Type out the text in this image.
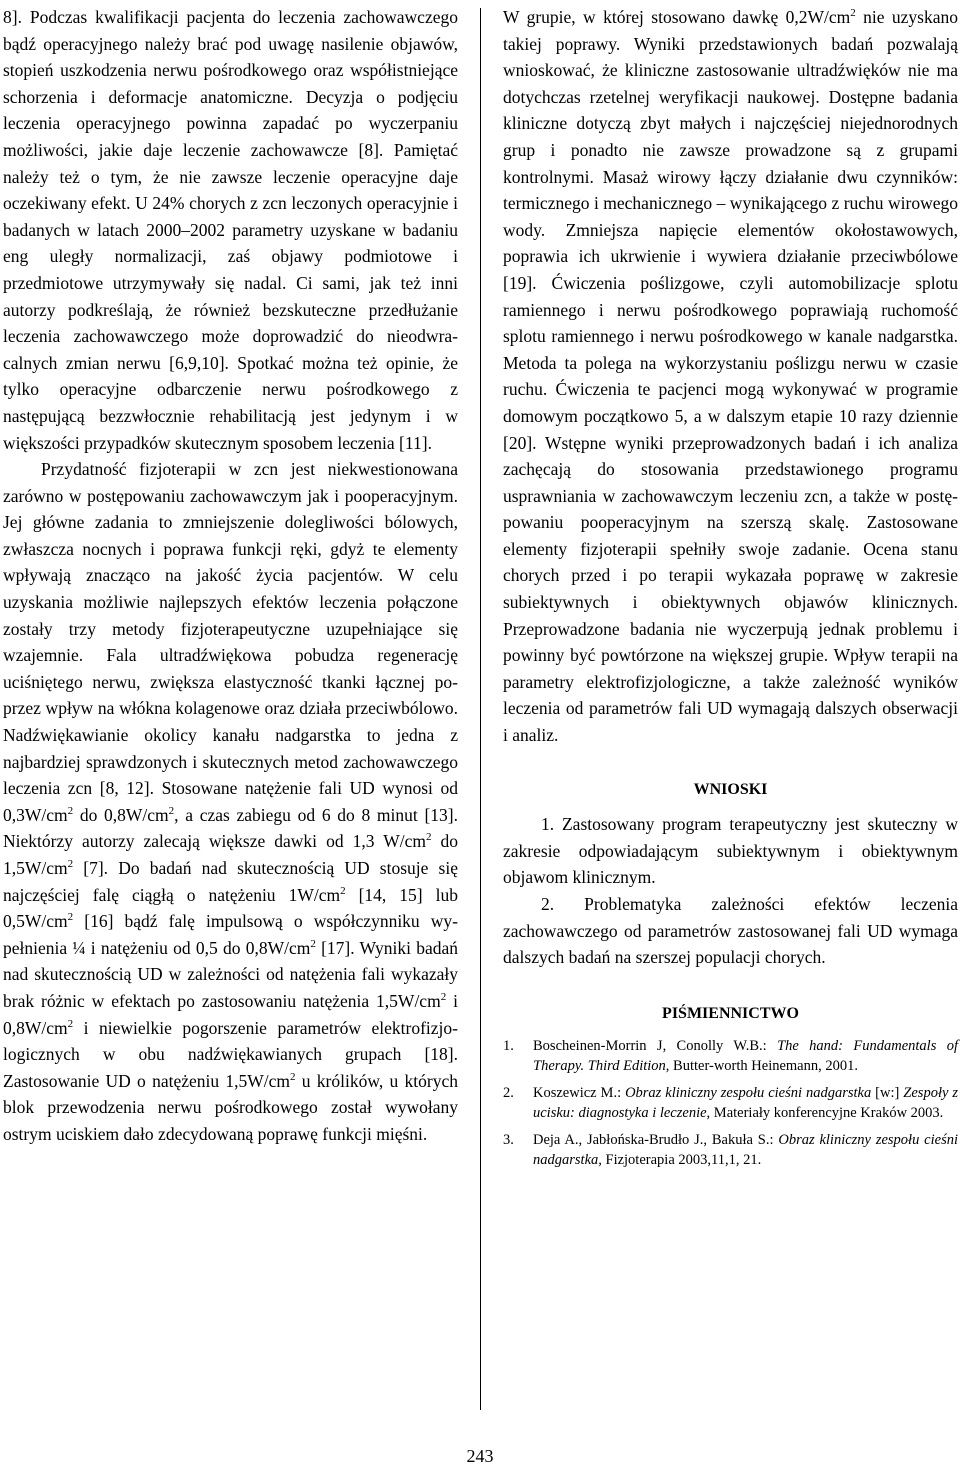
8]. Podczas kwalifikacji pacjenta do leczenia zachowawczego bądź operacyjnego należy brać pod uwagę nasilenie objawów, stopień uszkodzenia nerwu pośrodkowego oraz współistniejące schorzenia i deformacje anatomiczne. Decyzja o podjęciu leczenia operacyjnego powinna zapadać po wyczerpaniu możliwości, jakie daje leczenie zachowawcze [8]. Pamiętać należy też o tym, że nie zawsze leczenie operacyjne daje oczekiwany efekt. U 24% chorych z zcn leczonych operacyjnie i badanych w latach 2000–2002 parametry uzyskane w badaniu eng uległy normalizacji, zaś objawy podmiotowe i przedmiotowe utrzymywały się nadal. Ci sami, jak też inni autorzy podkreślają, że również bezskuteczne przedłużanie leczenia zachowawczego może doprowadzić do nieodwracalnych zmian nerwu [6,9,10]. Spotkać można też opinie, że tylko operacyjne odbarczenie nerwu pośrodkowego z następującą bezzwłocznie rehabilitacją jest jedynym i w większości przypadków skutecznym sposobem leczenia [11].

Przydatność fizjoterapii w zcn jest niekwestionowana zarówno w postępowaniu zachowawczym jak i pooperacyjnym. Jej główne zadania to zmniejszenie dolegliwości bólowych, zwłaszcza nocnych i poprawa funkcji ręki, gdyż te elementy wpływają znacząco na jakość życia pacjentów. W celu uzyskania możliwie najlepszych efektów leczenia połączone zostały trzy metody fizjoterapeutyczne uzupełniające się wzajemnie. Fala ultradźwiękowa pobudza regenerację uciśniętego nerwu, zwiększa elastyczność tkanki łącznej poprzez wpływ na włókna kolagenowe oraz działa przeciwbólowo. Nadźwiękawianie okolicy kanału nadgarstka to jedna z najbardziej sprawdzonych i skutecznych metod zachowawczego leczenia zcn [8, 12]. Stosowane natężenie fali UD wynosi od $0,3W/cm^2$ do $0,8W/cm^2$, a czas zabiegu od 6 do 8 minut [13]. Niektórzy autorzy zalecają większe dawki od 1,3 $W/cm^2$ do $1,5W/cm^2$ [7]. Do badań nad skutecznością UD stosuje się najczęściej falę ciągłą o natężeniu $1W/cm^2$ [14, 15] lub $0,5W/cm^2$ [16] bądź falę impulsową o współczynniku wypełnienia ¼ i natężeniu od 0,5 do $0,8W/cm^2$ [17]. Wyniki badań nad skutecznością UD w zależności od natężenia fali wykazały brak różnic w efektach po zastosowaniu natężenia $1,5W/cm^2$ i $0,8W/cm^2$ i niewielkie pogorszenie parametrów elektrofizjologicznych w obu nadźwiękawianych grupach [18]. Zastosowanie UD o natężeniu $1,5W/cm^2$ u królików, u których blok przewodzenia nerwu pośrodkowego został wywołany ostrym uciskiem dało zdecydowaną poprawę funkcji mięśni.

W grupie, w której stosowano dawkę $0,2W/cm^2$ nie uzyskano takiej poprawy. Wyniki przedstawionych badań pozwalają wnioskować, że kliniczne zastosowanie ultradźwięków nie ma dotychczas rzetelnej weryfikacji naukowej. Dostępne badania kliniczne dotyczą zbyt małych i najczęściej niejednorodnych grup i ponadto nie zawsze prowadzone są z grupami kontrolnymi. Masaż wirowy łączy działanie dwu czynników: termicznego i mechanicznego – wynikającego z ruchu wirowego wody. Zmniejsza napięcie elementów okołostawowych, poprawia ich ukrwienie i wywiera działanie przeciwbólowe [19]. Ćwiczenia poślizgowe, czyli automobilizacje splotu ramiennego i nerwu pośrodkowego poprawiają ruchomość splotu ramiennego i nerwu pośrodkowego w kanale nadgarstka. Metoda ta polega na wykorzystaniu poślizgu nerwu w czasie ruchu. Ćwiczenia te pacjenci mogą wykonywać w programie domowym początkowo 5, a w dalszym etapie 10 razy dziennie [20]. Wstępne wyniki przeprowadzonych badań i ich analiza zachęcają do stosowania przedstawionego programu usprawniania w zachowawczym leczeniu zcn, a także w postępowaniu pooperacyjnym na szerszą skalę. Zastosowane elementy fizjoterapii spełniły swoje zadanie. Ocena stanu chorych przed i po terapii wykazała poprawę w zakresie subiektywnych i obiektywnych objawów klinicznych. Przeprowadzone badania nie wyczerpują jednak problemu i powinny być powtórzone na większej grupie. Wpływ terapii na parametry elektrofizjologiczne, a także zależność wyników leczenia od parametrów fali UD wymagają dalszych obserwacji i analiz.

WNIOSKI
1. Zastosowany program terapeutyczny jest skuteczny w zakresie odpowiadającym subiektywnym i obiektywnym objawom klinicznym.
2. Problematyka zależności efektów leczenia zachowawczego od parametrów zastosowanej fali UD wymaga dalszych badań na szerszej populacji chorych.
PIŚMIENNICTWO
1. Boscheinen-Morrin J, Conolly W.B.: The hand: Fundamentals of Therapy. Third Edition, Butter-worth Heinemann, 2001.
2. Koszewicz M.: Obraz kliniczny zespołu cieśni nadgarstka [w:] Zespoły z ucisku: diagnostyka i leczenie, Materiały konferencyjne Kraków 2003.
3. Deja A., Jabłońska-Brudło J., Bakuła S.: Obraz kliniczny zespołu cieśni nadgarstka, Fizjoterapia 2003,11,1, 21.
243
